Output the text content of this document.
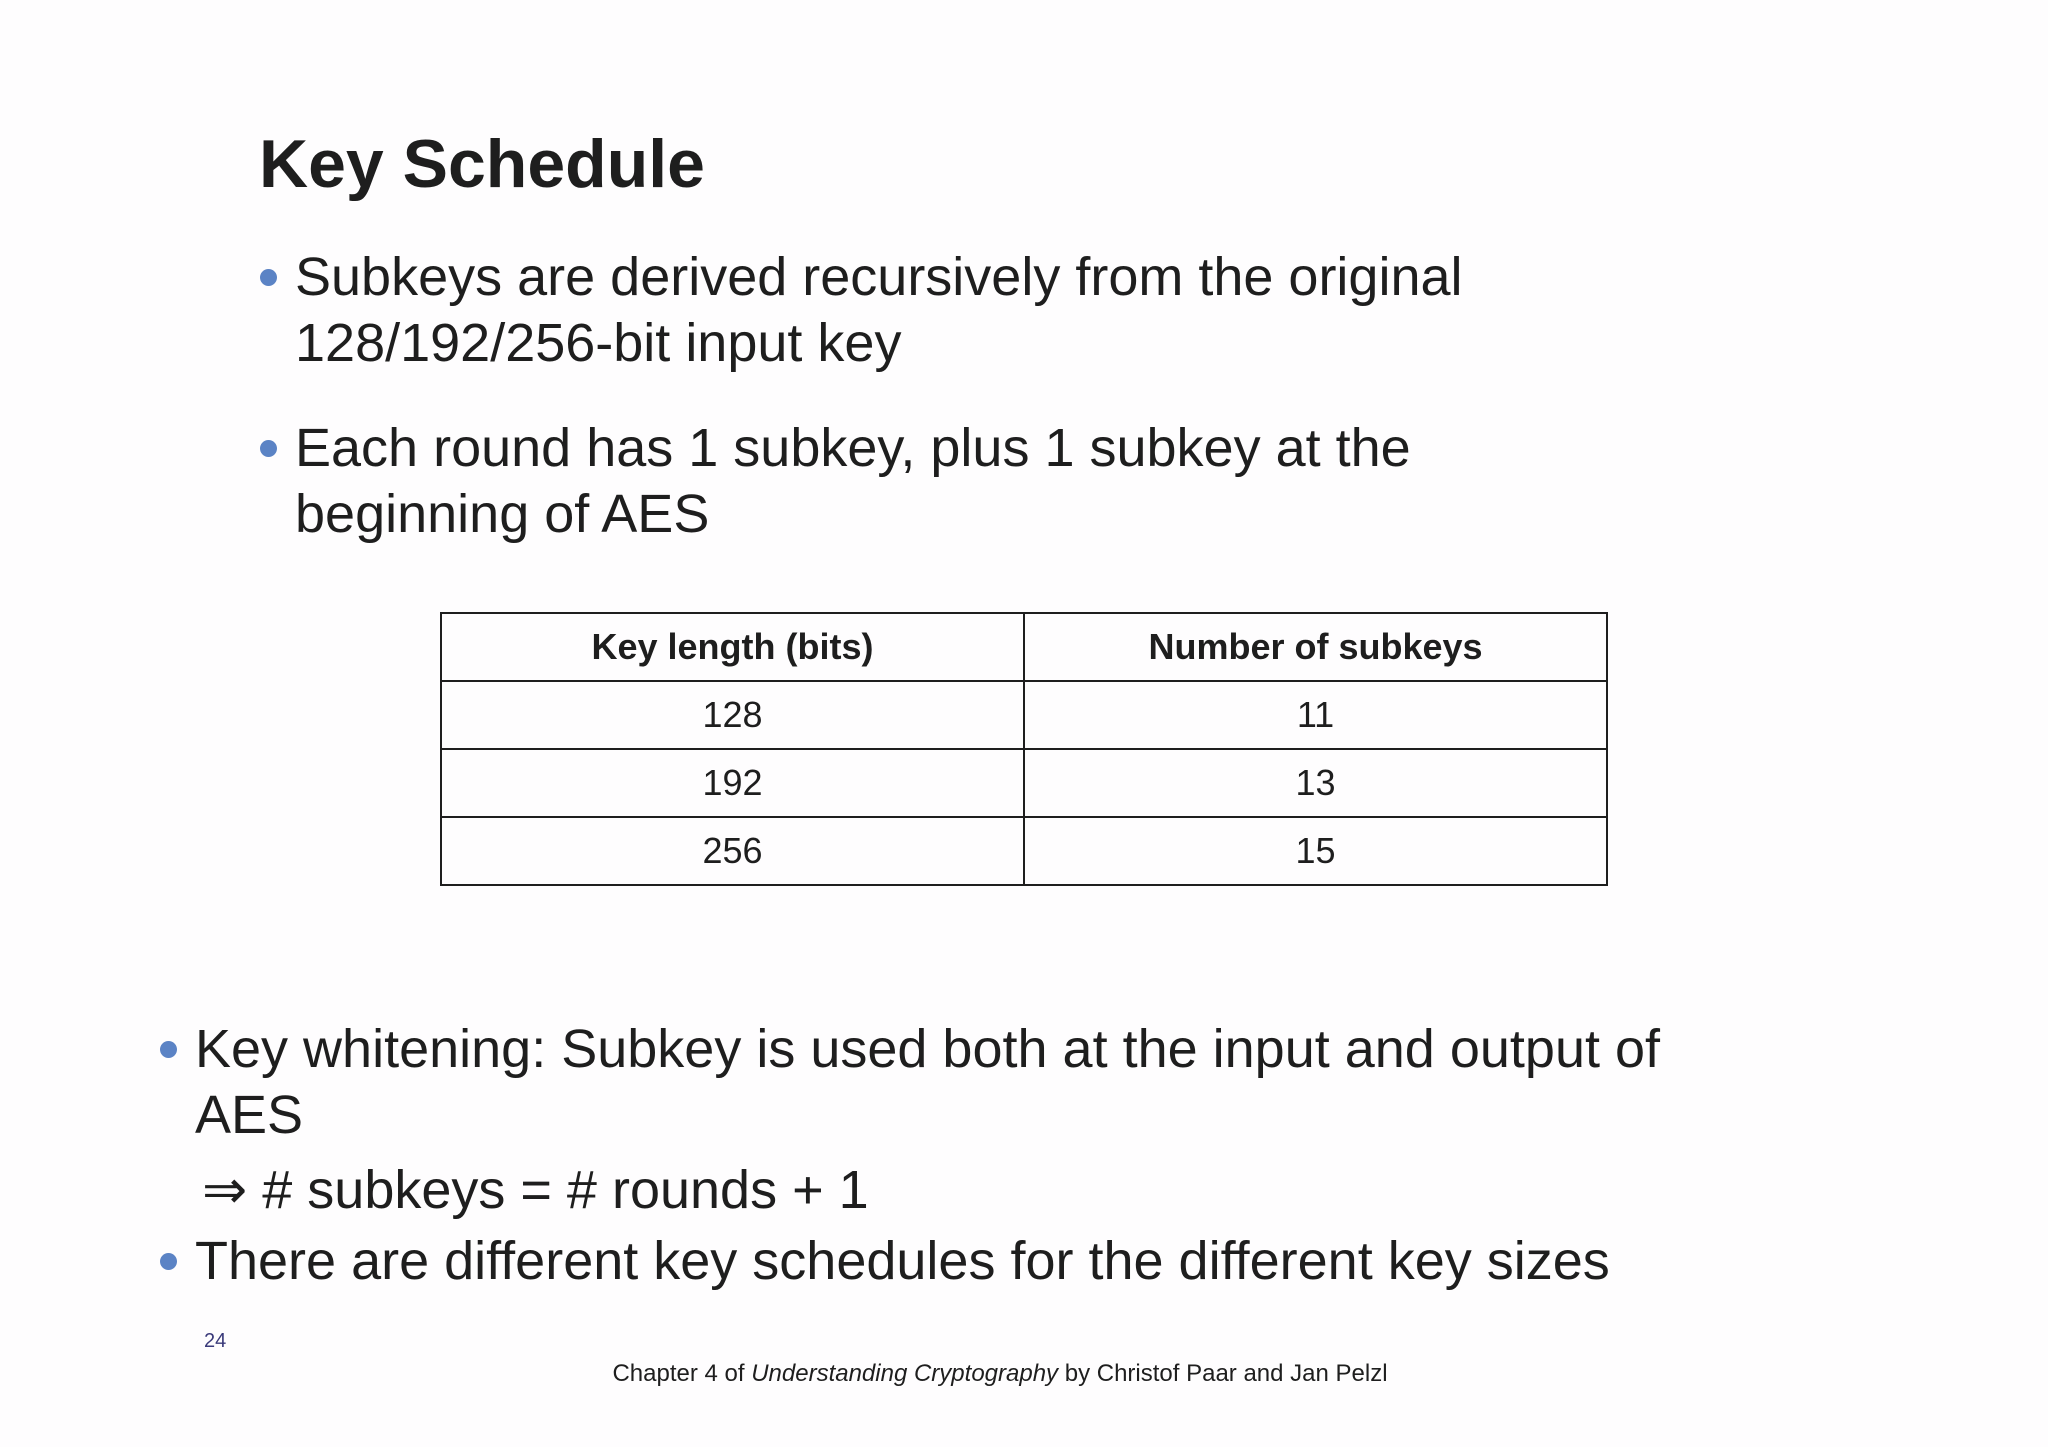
Key Schedule
Subkeys are derived recursively from the original
128/192/256-bit input key
Each round has 1 subkey, plus 1 subkey at the
beginning of AES
Key length (bits)	Number of subkeys
128	11
192	13
256	15
Key whitening: Subkey is used both at the input and output of
AES
⇒ # subkeys = # rounds + 1
There are different key schedules for the different key sizes
24
Chapter 4 of Understanding Cryptography by Christof Paar and Jan Pelzl
